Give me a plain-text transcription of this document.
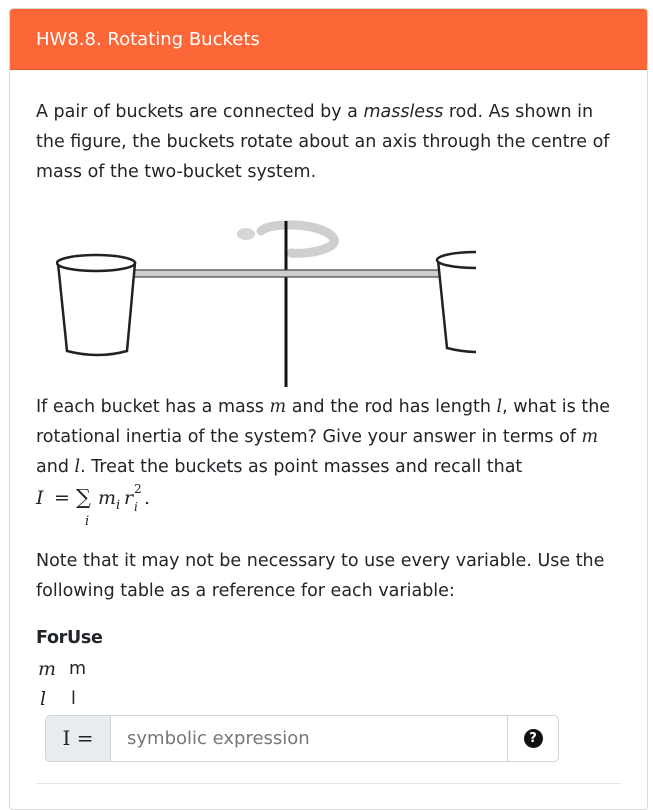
HW8.8. Rotating Buckets

A pair of buckets are connected by a massless rod. As shown in the figure, the buckets rotate about an axis through the centre of mass of the two-bucket system.

If each bucket has a mass m and the rod has length l, what is the rotational inertia of the system? Give your answer in terms of m and l. Treat the buckets as point masses and recall that

I = ∑
i
m i r 2
i .

Note that it may not be necessary to use every variable. Use the following table as a reference for each variable:

ForUse
m m
l l
I =
symbolic expression	?
